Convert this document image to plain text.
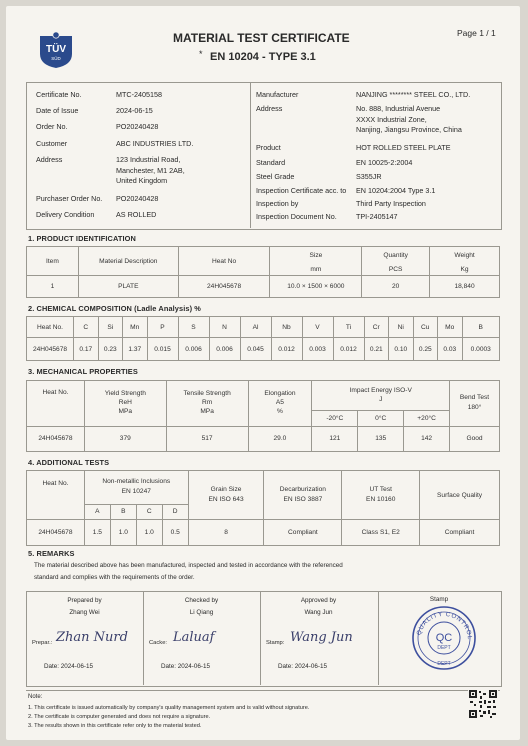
TÜV
SÜD
MATERIAL TEST CERTIFICATE
* EN 10204 - TYPE 3.1
Page 1 / 1
Certificate No.	MTC-2405158
Date of Issue	2024-06-15
Order No.	PO20240428
Customer	ABC INDUSTRIES LTD.
Address	123 Industrial Road,
Manchester, M1 2AB,
United Kingdom
Purchaser Order No. PO20240428
Delivery Condition	AS ROLLED
Manufacturer	NANJING ******** STEEL CO., LTD.
Address	No. 888, Industrial Avenue
XXXX Industrial Zone,
Nanjing, Jiangsu Province, China
Product	HOT ROLLED STEEL PLATE
Standard	EN 10025-2:2004
Steel Grade	S355JR
Inspection Certificate acc. to EN 10204:2004 Type 3.1
Inspection by	Third Party Inspection
Inspection Document No.	TPI-2405147
1. PRODUCT IDENTIFICATION
Item	Material Description	Heat No	Size	Quantity	Weight
			mm	PCS	Kg
1	PLATE	24H045678	10.0 × 1500 × 6000	20	18,840
2. CHEMICAL COMPOSITION (Ladle Analysis) %
Heat No.	C	Si	Mn	P	S	N	Al	Nb	V	Ti	Cr	Ni	Cu	Mo	B
24H045678	0.17	0.23	1.37	0.015	0.006	0.006	0.045	0.012	0.003	0.012	0.21	0.10	0.25	0.03	0.0003
3. MECHANICAL PROPERTIES
Heat No.	Yield Strength
ReH
MPa	Tensile Strength
Rm
MPa	Elongation
A5
%	Impact Energy ISO-V
J			Bend Test
180°
				-20°C	0°C	+20°C	
24H045678	379	517	29.0	121	135	142	Good
4. ADDITIONAL TESTS
Heat No.	Non-metallic Inclusions
EN 10247				Grain Size
EN ISO 643	Decarburization
EN ISO 3887	UT Test
EN 10160	Surface Quality
	A	B	C	D				
24H045678	1.5	1.0	1.0	0.5	8	Compliant	Class S1, E2	Compliant
5. REMARKS
The material described above has been manufactured, inspected and tested in accordance with the referenced
standard and complies with the requirements of the order.
Prepared by
Zhang Wei
Prepar.: Zhan Nurd
Date: 2024-06-15
Checked by
Li Qiang
Cacke: Laluaf
Date: 2024-06-15
Approved by
Wang Jun
Stamp: Wang Jun
Date: 2024-06-15
Stamp
QUALITY CONTROL
QC
DEPT
DEPT
Note:
1. This certificate is issued automatically by company's quality management system and is valid without signature.
2. The certificate is computer generated and does not require a signature.
3. The results shown in this certificate refer only to the material tested.
